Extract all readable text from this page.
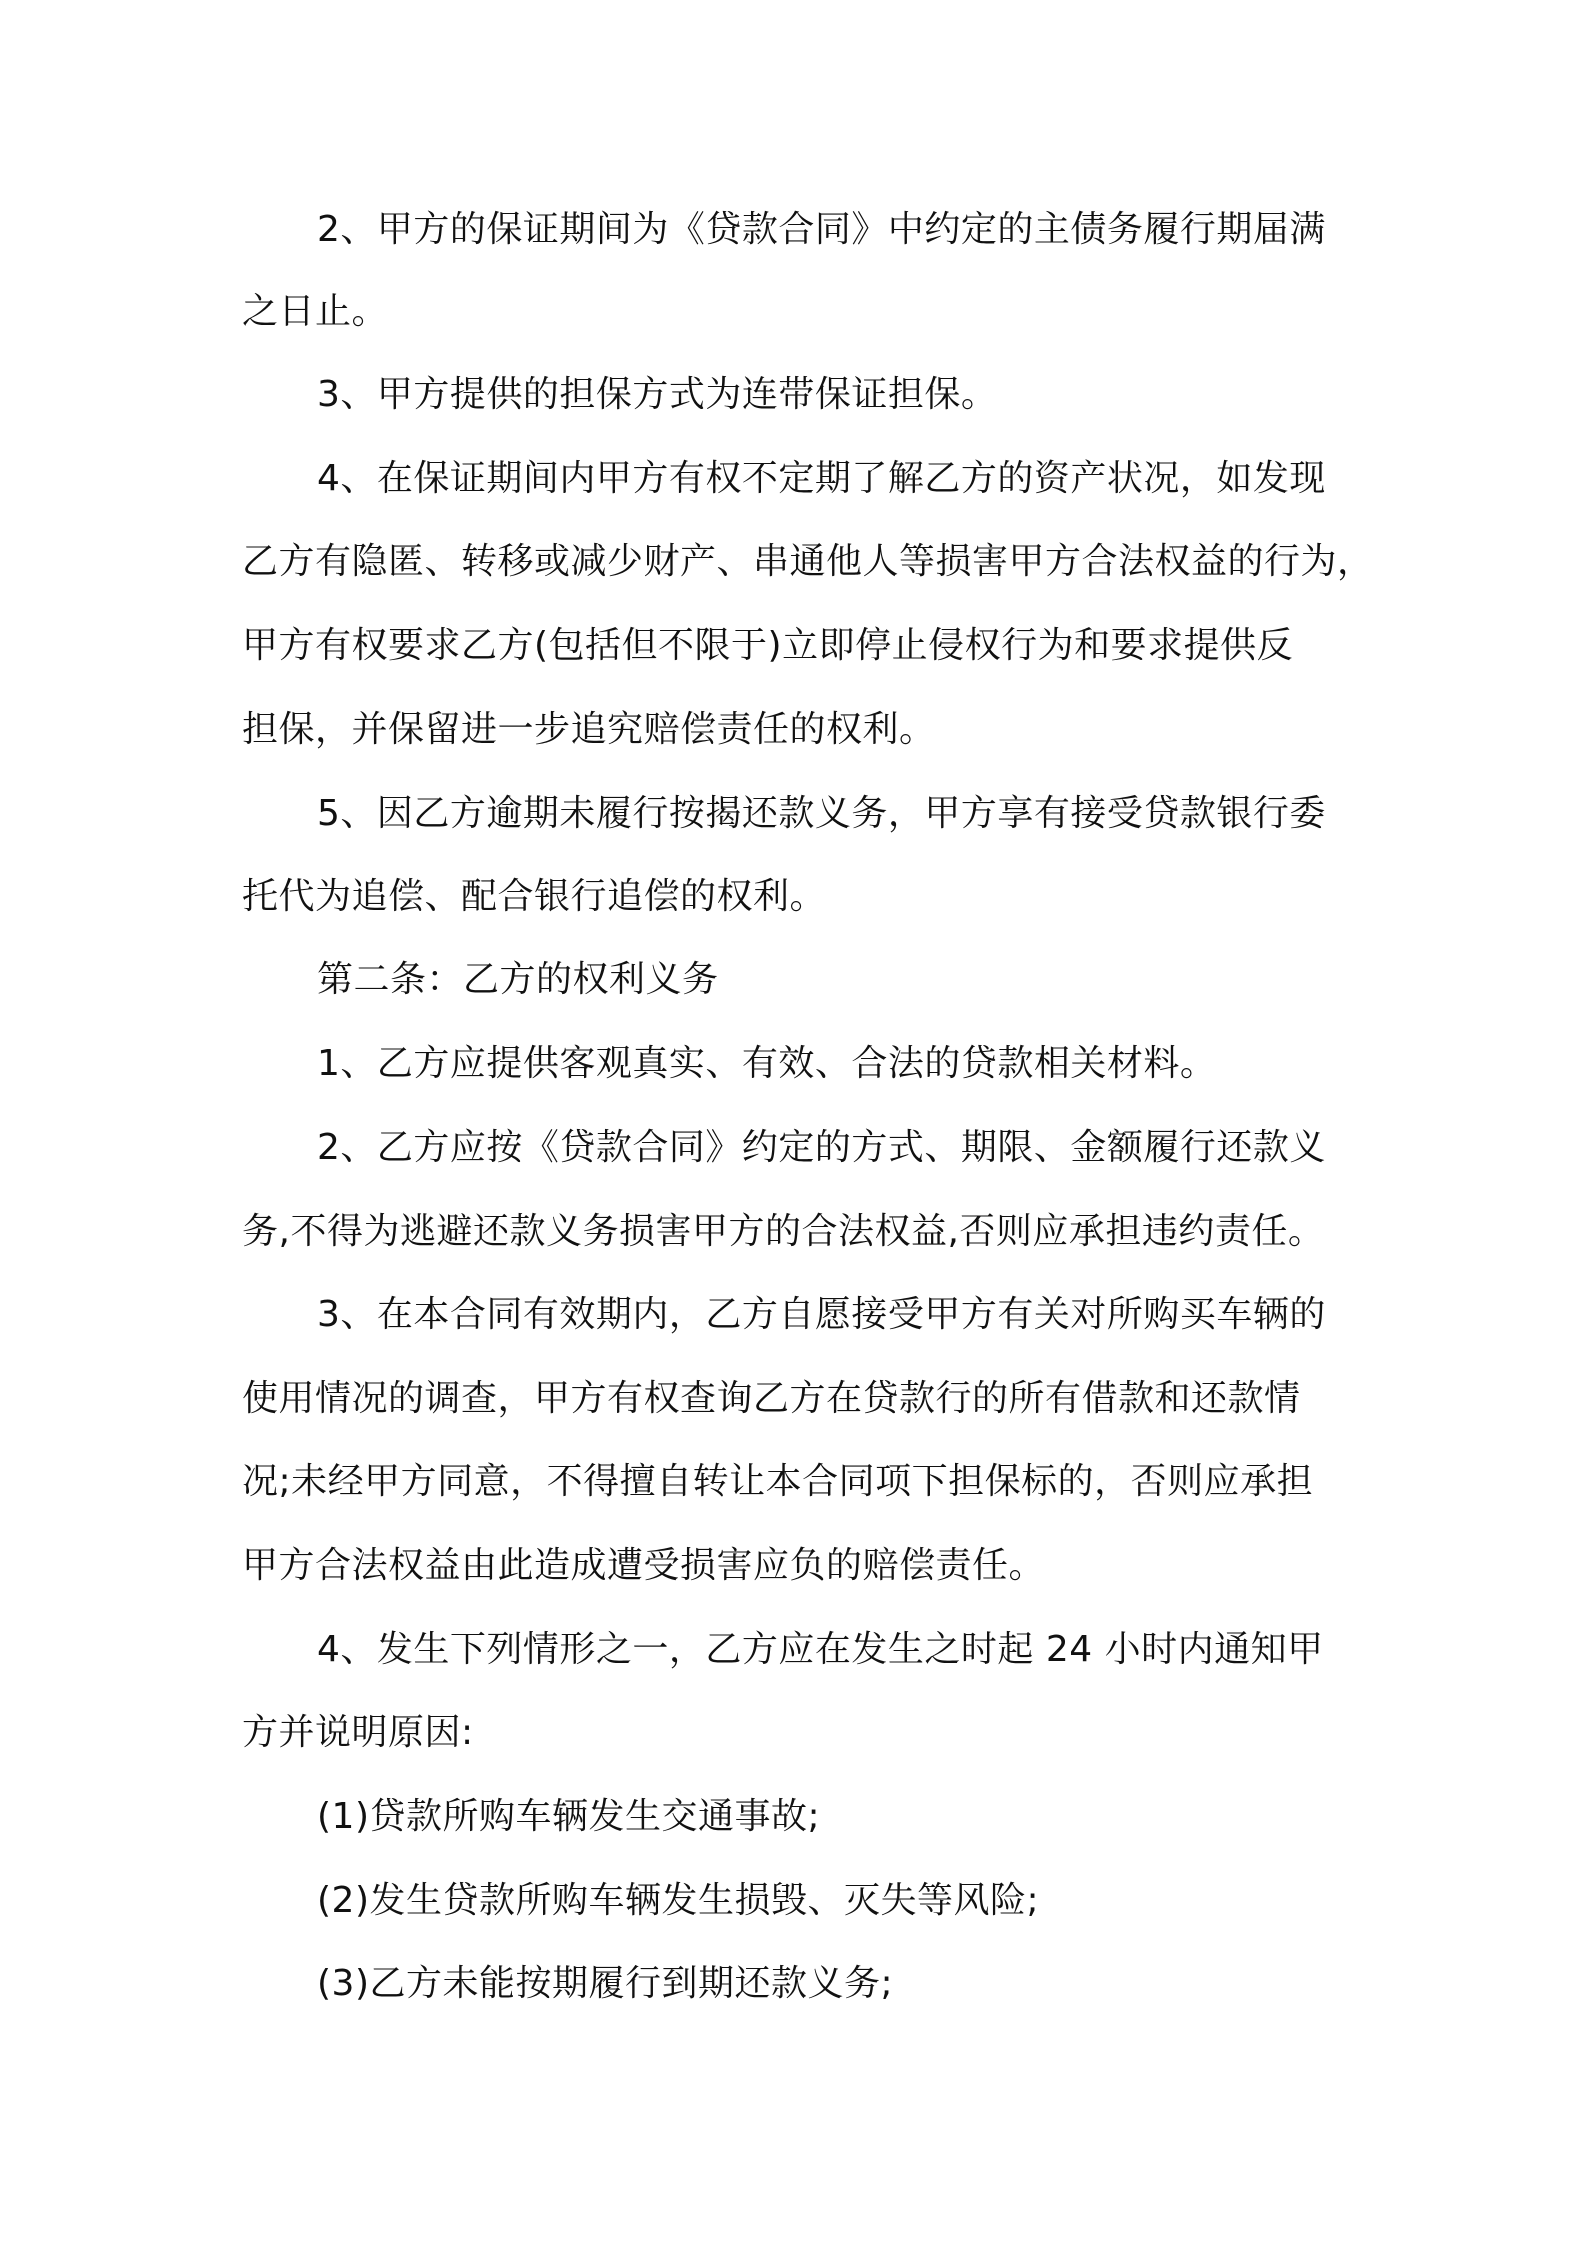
2、甲方的保证期间为《贷款合同》中约定的主债务履行期届满
之日止。
3、甲方提供的担保方式为连带保证担保。
4、在保证期间内甲方有权不定期了解乙方的资产状况，如发现
乙方有隐匿、转移或减少财产、串通他人等损害甲方合法权益的行为，
甲方有权要求乙方(包括但不限于)立即停止侵权行为和要求提供反
担保，并保留进一步追究赔偿责任的权利。
5、因乙方逾期未履行按揭还款义务，甲方享有接受贷款银行委
托代为追偿、配合银行追偿的权利。
第二条：乙方的权利义务
1、乙方应提供客观真实、有效、合法的贷款相关材料。
2、乙方应按《贷款合同》约定的方式、期限、金额履行还款义
务,不得为逃避还款义务损害甲方的合法权益,否则应承担违约责任。
3、在本合同有效期内，乙方自愿接受甲方有关对所购买车辆的
使用情况的调查，甲方有权查询乙方在贷款行的所有借款和还款情
况;未经甲方同意，不得擅自转让本合同项下担保标的，否则应承担
甲方合法权益由此造成遭受损害应负的赔偿责任。
4、发生下列情形之一，乙方应在发生之时起 24 小时内通知甲
方并说明原因:
(1)贷款所购车辆发生交通事故;
(2)发生贷款所购车辆发生损毁、灭失等风险;
(3)乙方未能按期履行到期还款义务;
